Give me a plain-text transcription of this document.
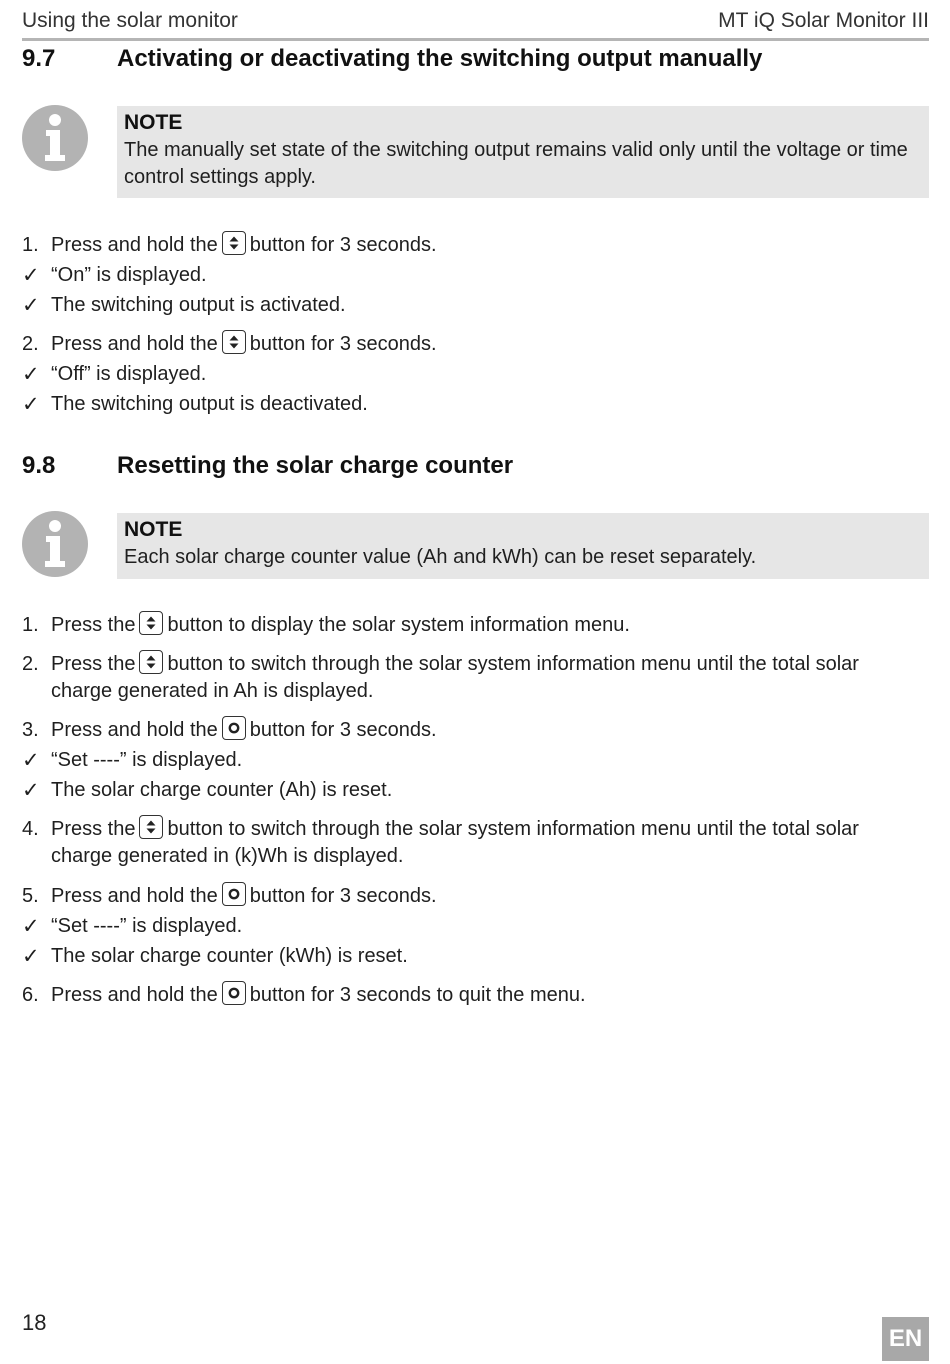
Using the solar monitor	MT iQ Solar Monitor III
9.7	Activating or deactivating the switching output manually
NOTE
The manually set state of the switching output remains valid only until the voltage or time control settings apply.
1. Press and hold the button for 3 seconds.
✓ “On” is displayed.
✓ The switching output is activated.
2. Press and hold the button for 3 seconds.
✓ “Off” is displayed.
✓ The switching output is deactivated.
9.8	Resetting the solar charge counter
NOTE
Each solar charge counter value (Ah and kWh) can be reset separately.
1. Press the button to display the solar system information menu.
2. Press the button to switch through the solar system information menu until the total solar
charge generated in Ah is displayed.
3. Press and hold the button for 3 seconds.
✓ “Set ----” is displayed.
✓ The solar charge counter (Ah) is reset.
4. Press the button to switch through the solar system information menu until the total solar
charge generated in (k)Wh is displayed.
5. Press and hold the button for 3 seconds.
✓ “Set ----” is displayed.
✓ The solar charge counter (kWh) is reset.
6. Press and hold the button for 3 seconds to quit the menu.
18
EN
